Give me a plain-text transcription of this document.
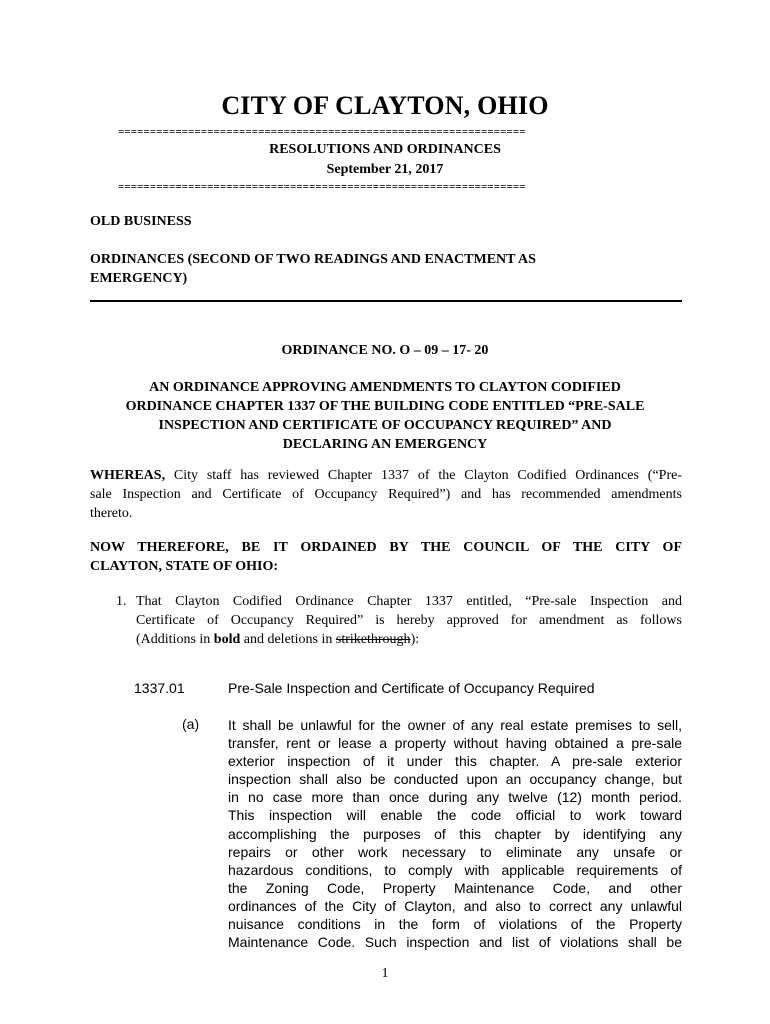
CITY OF CLAYTON, OHIO
================================================================
RESOLUTIONS AND ORDINANCES
September 21, 2017
================================================================
OLD BUSINESS
ORDINANCES (SECOND OF TWO READINGS AND ENACTMENT AS
EMERGENCY)
ORDINANCE NO. O – 09 – 17- 20
AN ORDINANCE APPROVING AMENDMENTS TO CLAYTON CODIFIED
ORDINANCE CHAPTER 1337 OF THE BUILDING CODE ENTITLED “PRE-SALE
INSPECTION AND CERTIFICATE OF OCCUPANCY REQUIRED” AND
DECLARING AN EMERGENCY
WHEREAS, City staff has reviewed Chapter 1337 of the Clayton Codified Ordinances (“Pre-
sale Inspection and Certificate of Occupancy Required”) and has recommended amendments
thereto.
NOW THEREFORE, BE IT ORDAINED BY THE COUNCIL OF THE CITY OF
CLAYTON, STATE OF OHIO:
1. That Clayton Codified Ordinance Chapter 1337 entitled, “Pre-sale Inspection and
Certificate of Occupancy Required” is hereby approved for amendment as follows
(Additions in bold and deletions in strikethrough):
1337.01	Pre-Sale Inspection and Certificate of Occupancy Required
(a) It shall be unlawful for the owner of any real estate premises to sell,
transfer, rent or lease a property without having obtained a pre-sale
exterior inspection of it under this chapter. A pre-sale exterior
inspection shall also be conducted upon an occupancy change, but
in no case more than once during any twelve (12) month period.
This inspection will enable the code official to work toward
accomplishing the purposes of this chapter by identifying any
repairs or other work necessary to eliminate any unsafe or
hazardous conditions, to comply with applicable requirements of
the Zoning Code, Property Maintenance Code, and other
ordinances of the City of Clayton, and also to correct any unlawful
nuisance conditions in the form of violations of the Property
Maintenance Code. Such inspection and list of violations shall be
1
